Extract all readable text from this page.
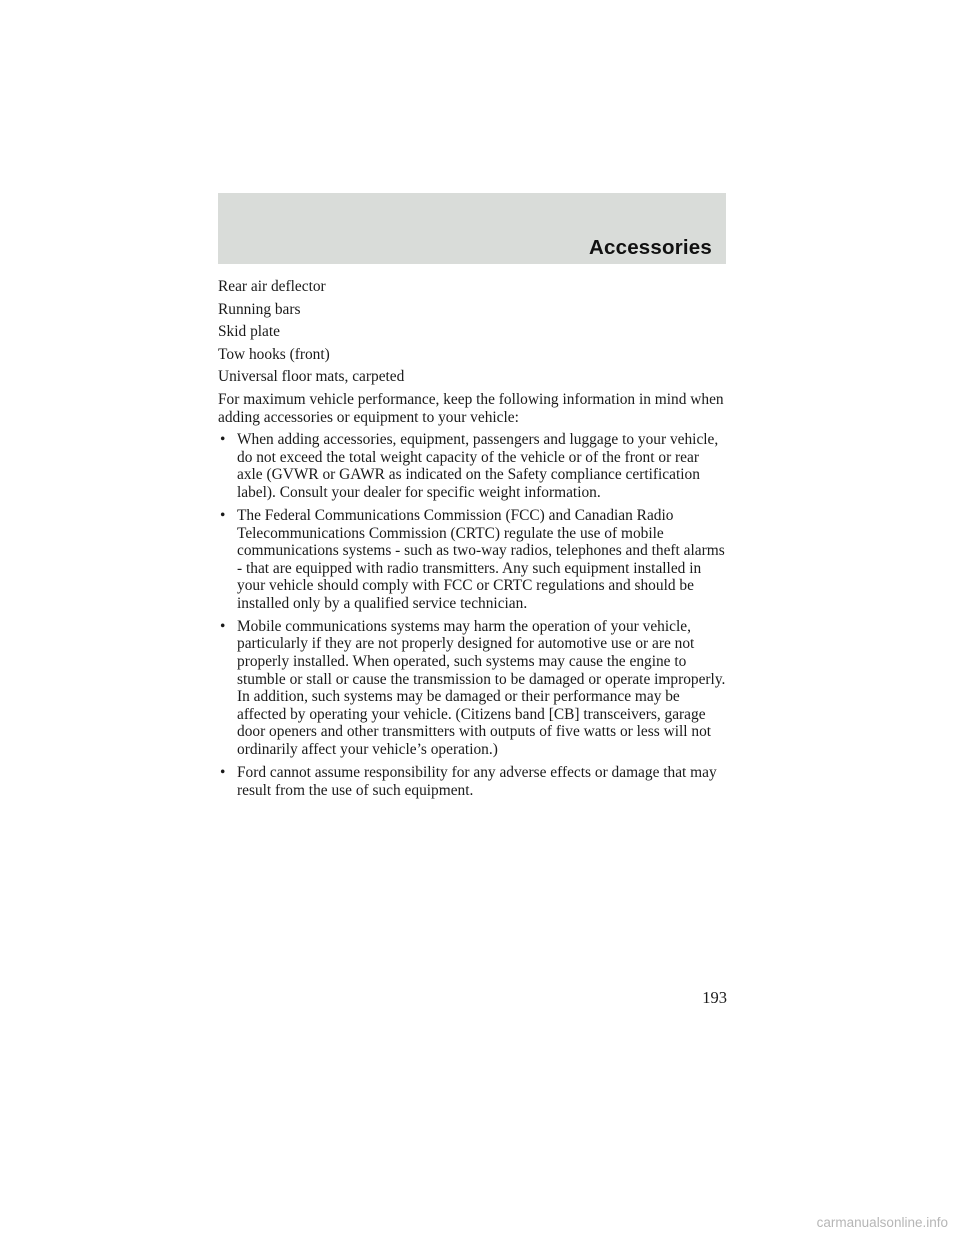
Accessories
Rear air deflector
Running bars
Skid plate
Tow hooks (front)
Universal floor mats, carpeted
For maximum vehicle performance, keep the following information in mind when adding accessories or equipment to your vehicle:
• When adding accessories, equipment, passengers and luggage to your vehicle, do not exceed the total weight capacity of the vehicle or of the front or rear axle (GVWR or GAWR as indicated on the Safety compliance certification label). Consult your dealer for specific weight information.
• The Federal Communications Commission (FCC) and Canadian Radio Telecommunications Commission (CRTC) regulate the use of mobile communications systems - such as two-way radios, telephones and theft alarms - that are equipped with radio transmitters. Any such equipment installed in your vehicle should comply with FCC or CRTC regulations and should be installed only by a qualified service technician.
• Mobile communications systems may harm the operation of your vehicle, particularly if they are not properly designed for automotive use or are not properly installed. When operated, such systems may cause the engine to stumble or stall or cause the transmission to be damaged or operate improperly. In addition, such systems may be damaged or their performance may be affected by operating your vehicle. (Citizens band [CB] transceivers, garage door openers and other transmitters with outputs of five watts or less will not ordinarily affect your vehicle’s operation.)
• Ford cannot assume responsibility for any adverse effects or damage that may result from the use of such equipment.
193
carmanualsonline.info
